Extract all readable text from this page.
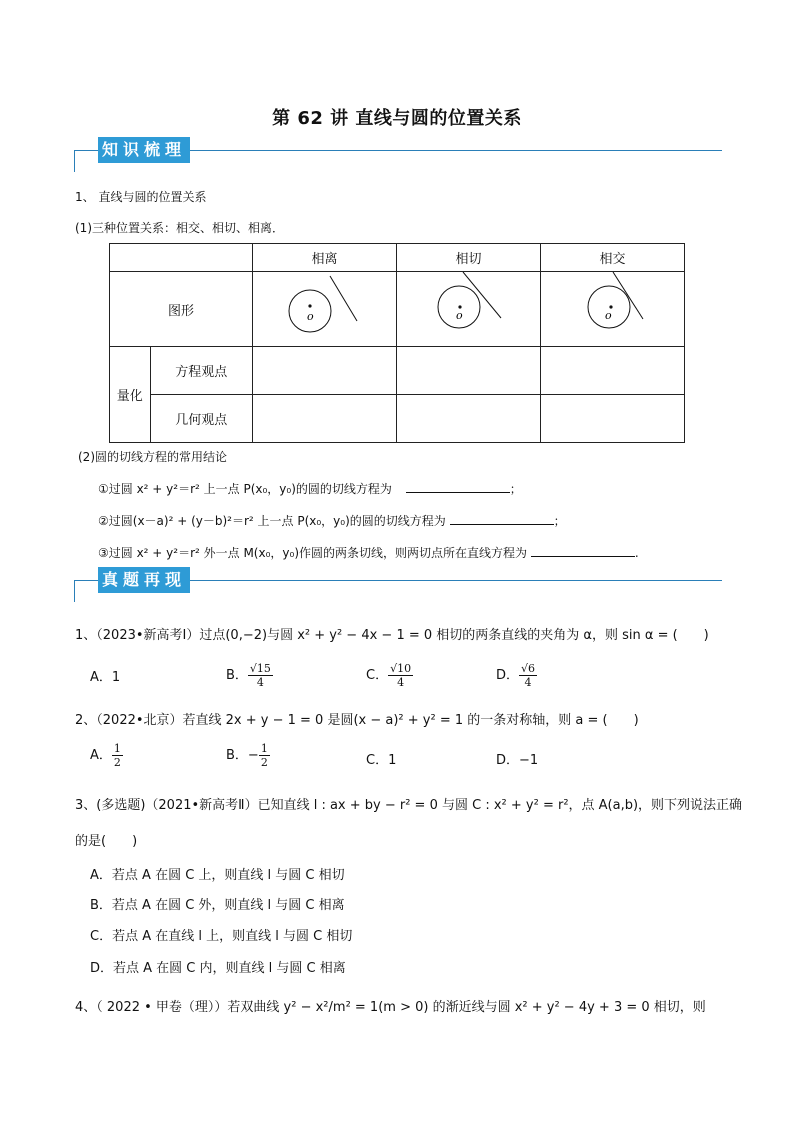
第 62 讲 直线与圆的位置关系
知识梳理
1、 直线与圆的位置关系
(1)三种位置关系：相交、相切、相离．
		相离	相切	相交
图形		o	o	o

量化	方程观点			
	几何观点			
(2)圆的切线方程的常用结论
①过圆 x² + y²＝r² 上一点 P(x₀，y₀)的圆的切线方程为	；
②过圆(x－a)² + (y－b)²＝r² 上一点 P(x₀，y₀)的圆的切线方程为	；
③过圆 x² + y²＝r² 外一点 M(x₀，y₀)作圆的两条切线，则两切点所在直线方程为	.
真题再现
1、（2023•新高考Ⅰ）过点(0,−2)与圆 x² + y² − 4x − 1 = 0 相切的两条直线的夹角为 α，则 sin α = (　　)
A．1	B． $\frac{√15}{4}$	C． $\frac{√10}{4}$	D． $\frac{√6}{4}$
2、（2022•北京）若直线 2x + y − 1 = 0 是圆(x − a)² + y² = 1 的一条对称轴，则 a = (　　)
A． $\frac{1}{2}$	B．− $\frac{1}{2}$	C．1	D．−1
3、(多选题)（2021•新高考Ⅱ）已知直线 l : ax + by − r² = 0 与圆 C : x² + y² = r²，点 A(a,b)，则下列说法正确
的是(　　)
A．若点 A 在圆 C 上，则直线 l 与圆 C 相切
B．若点 A 在圆 C 外，则直线 l 与圆 C 相离
C．若点 A 在直线 l 上，则直线 l 与圆 C 相切
D．若点 A 在圆 C 内，则直线 l 与圆 C 相离
4、（ 2022 • 甲卷（理））若双曲线 y² − x²/m² = 1(m > 0) 的渐近线与圆 x² + y² − 4y + 3 = 0 相切，则
